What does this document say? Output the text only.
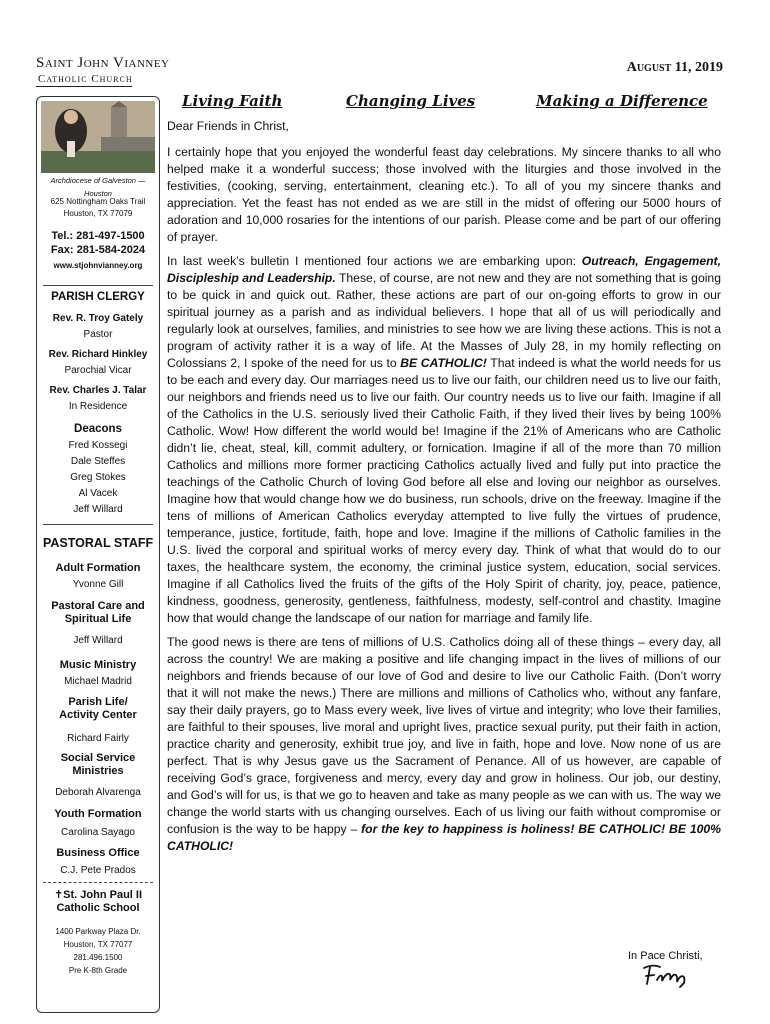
Saint John Vianney
Catholic Church
August 11, 2019
Living Faith	Changing Lives	Making a Difference
Archdiocese of Galveston — Houston
625 Nottingham Oaks Trail
Houston, TX 77079
Tel.: 281-497-1500
Fax: 281-584-2024
www.stjohnvianney.org
PARISH CLERGY
Rev. R. Troy Gately
Pastor
Rev. Richard Hinkley
Parochial Vicar
Rev. Charles J. Talar
In Residence
Deacons
Fred Kossegi
Dale Steffes
Greg Stokes
Al Vacek
Jeff Willard
PASTORAL STAFF
Adult Formation
Yvonne Gill
Pastoral Care and Spiritual Life
Jeff Willard
Music Ministry
Michael Madrid
Parish Life/ Activity Center
Richard Fairly
Social Service Ministries
Deborah Alvarenga
Youth Formation
Carolina Sayago
Business Office
C.J. Pete Prados
✝St. John Paul II Catholic School
1400 Parkway Plaza Dr.
Houston, TX 77077
281.496.1500
Pre K-8th Grade

Dear Friends in Christ,

I certainly hope that you enjoyed the wonderful feast day celebrations. My sincere thanks to all who helped make it a wonderful success; those involved with the liturgies and those involved in the festivities, (cooking, serving, entertainment, cleaning etc.). To all of you my sincere thanks and appreciation. Yet the feast has not ended as we are still in the midst of offering our 5000 hours of adoration and 10,000 rosaries for the intentions of our parish. Please come and be part of our offering of prayer.

In last week’s bulletin I mentioned four actions we are embarking upon: Outreach, Engagement, Discipleship and Leadership. These, of course, are not new and they are not something that is going to be quick in and quick out. Rather, these actions are part of our on-going efforts to grow in our spiritual journey as a parish and as individual believers. I hope that all of us will periodically and regularly look at ourselves, families, and ministries to see how we are living these actions. This is not a program of activity rather it is a way of life. At the Masses of July 28, in my homily reflecting on Colossians 2, I spoke of the need for us to BE CATHOLIC! That indeed is what the world needs for us to be each and every day. Our marriages need us to live our faith, our children need us to live our faith, our neighbors and friends need us to live our faith. Our country needs us to live our faith. Imagine if all of the Catholics in the U.S. seriously lived their Catholic Faith, if they lived their lives by being 100% Catholic. Wow! How different the world would be! Imagine if the 21% of Americans who are Catholic didn’t lie, cheat, steal, kill, commit adultery, or fornication. Imagine if all of the more than 70 million Catholics and millions more former practicing Catholics actually lived and fully put into practice the teachings of the Catholic Church of loving God before all else and loving our neighbor as ourselves. Imagine how that would change how we do business, run schools, drive on the freeway. Imagine if the tens of millions of American Catholics everyday attempted to live fully the virtues of prudence, temperance, justice, fortitude, faith, hope and love. Imagine if the millions of Catholic families in the U.S. lived the corporal and spiritual works of mercy every day. Think of what that would do to our taxes, the healthcare system, the economy, the criminal justice system, education, social services. Imagine if all Catholics lived the fruits of the gifts of the Holy Spirit of charity, joy, peace, patience, kindness, goodness, generosity, gentleness, faithfulness, modesty, self-control and chastity. Imagine how that would change the landscape of our nation for marriage and family life.

The good news is there are tens of millions of U.S. Catholics doing all of these things – every day, all across the country! We are making a positive and life changing impact in the lives of millions of our neighbors and friends because of our love of God and desire to live our Catholic Faith. (Don’t worry that it will not make the news.) There are millions and millions of Catholics who, without any fanfare, say their daily prayers, go to Mass every week, live lives of virtue and integrity; who love their families, are faithful to their spouses, live moral and upright lives, practice sexual purity, put their faith in action, practice charity and generosity, exhibit true joy, and live in faith, hope and love. Now none of us are perfect. That is why Jesus gave us the Sacrament of Penance. All of us however, are capable of receiving God’s grace, forgiveness and mercy, every day and grow in holiness. Our job, our destiny, and God’s will for us, is that we go to heaven and take as many people as we can with us. The way we change the world starts with us changing ourselves. Each of us living our faith without compromise or confusion is the way to be happy – for the key to happiness is holiness! BE CATHOLIC! BE 100% CATHOLIC!

In Pace Christi,
